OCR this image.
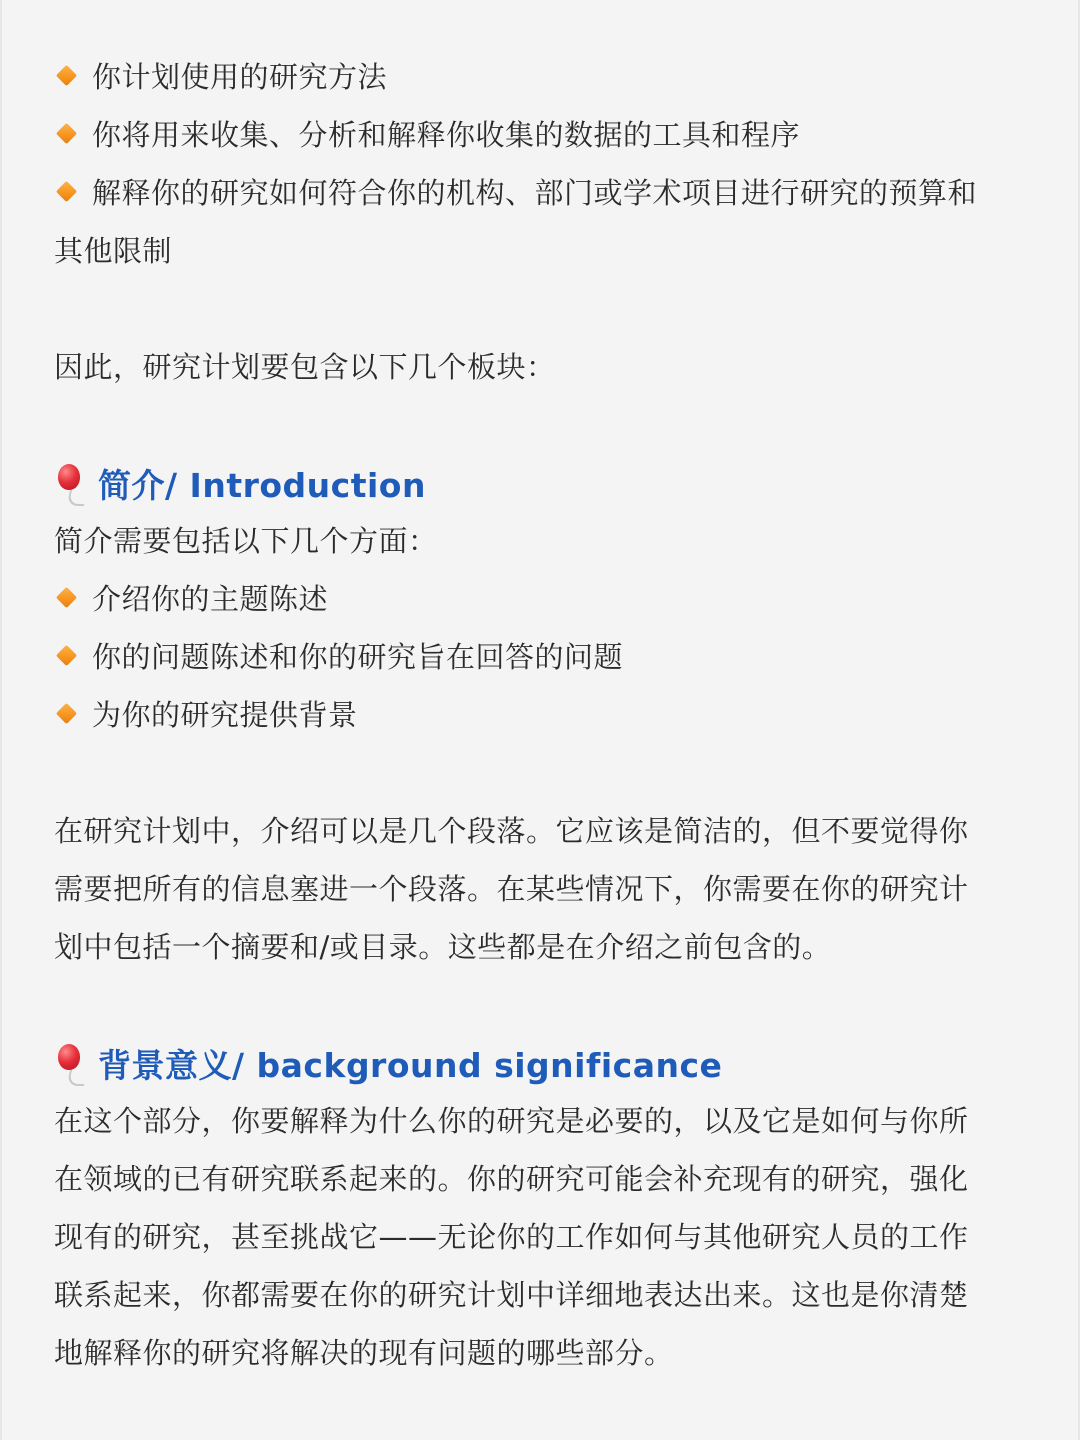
你计划使用的研究方法
你将用来收集、分析和解释你收集的数据的工具和程序
解释你的研究如何符合你的机构、部门或学术项目进行研究的预算和
其他限制
因此，研究计划要包含以下几个板块：
简介/ Introduction
简介需要包括以下几个方面：
介绍你的主题陈述
你的问题陈述和你的研究旨在回答的问题
为你的研究提供背景
在研究计划中，介绍可以是几个段落。它应该是简洁的，但不要觉得你
需要把所有的信息塞进一个段落。在某些情况下，你需要在你的研究计
划中包括一个摘要和/或目录。这些都是在介绍之前包含的。
背景意义/ background significance
在这个部分，你要解释为什么你的研究是必要的，以及它是如何与你所
在领域的已有研究联系起来的。你的研究可能会补充现有的研究，强化
现有的研究，甚至挑战它——无论你的工作如何与其他研究人员的工作
联系起来，你都需要在你的研究计划中详细地表达出来。这也是你清楚
地解释你的研究将解决的现有问题的哪些部分。
